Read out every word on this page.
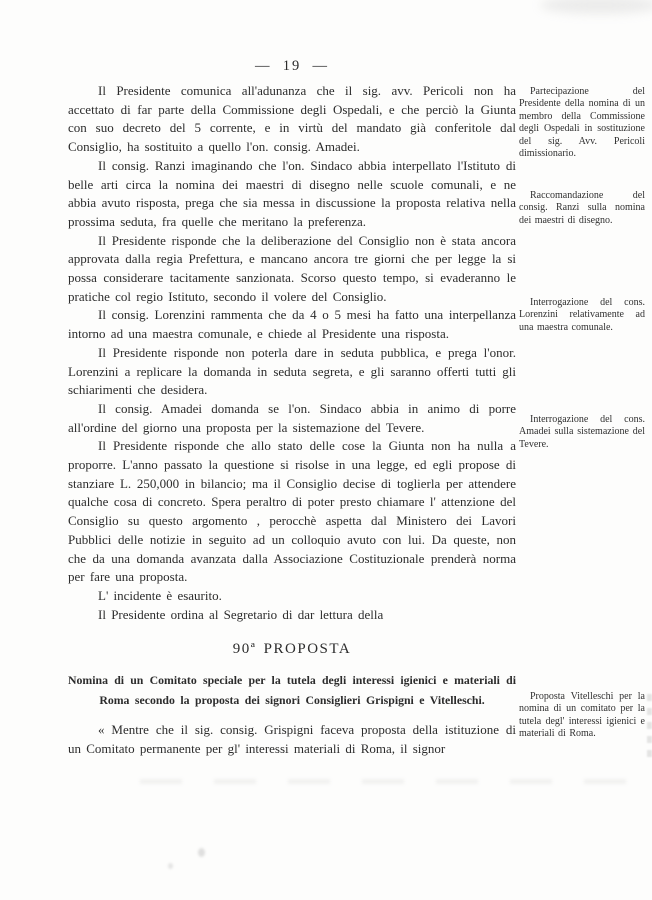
—  19  —

Il Presidente comunica all'adunanza che il sig. avv. Pericoli non ha accettato di far parte della Commissione degli Ospedali, e che perciò la Giunta con suo decreto del 5 corrente, e in virtù del mandato già conferitole dal Consiglio, ha sostituito a quello l'on. consig. Amadei.

Il consig. Ranzi imaginando che l'on. Sindaco abbia interpellato l'Istituto di belle arti circa la nomina dei maestri di disegno nelle scuole comunali, e ne abbia avuto risposta, prega che sia messa in discussione la proposta relativa nella prossima seduta, fra quelle che meritano la preferenza.

Il Presidente risponde che la deliberazione del Consiglio non è stata ancora approvata dalla regia Prefettura, e mancano ancora tre giorni che per legge la si possa considerare tacitamente sanzionata. Scorso questo tempo, si evaderanno le pratiche col regio Istituto, secondo il volere del Consiglio.

Il consig. Lorenzini rammenta che da 4 o 5 mesi ha fatto una interpellanza intorno ad una maestra comunale, e chiede al Presidente una risposta.

Il Presidente risponde non poterla dare in seduta pubblica, e prega l'onor. Lorenzini a replicare la domanda in seduta segreta, e gli saranno offerti tutti gli schiarimenti che desidera.

Il consig. Amadei domanda se l'on. Sindaco abbia in animo di porre all'ordine del giorno una proposta per la sistemazione del Tevere.

Il Presidente risponde che allo stato delle cose la Giunta non ha nulla a proporre. L'anno passato la questione si risolse in una legge, ed egli propose di stanziare L. 250,000 in bilancio; ma il Consiglio decise di toglierla per attendere qualche cosa di concreto. Spera peraltro di poter presto chiamare l' attenzione del Consiglio su questo argomento , perocchè aspetta dal Ministero dei Lavori Pubblici delle notizie in seguito ad un colloquio avuto con lui. Da queste, non che da una domanda avanzata dalla Associazione Costituzionale prenderà norma per fare una proposta.

L' incidente è esaurito.

Il Presidente ordina al Segretario di dar lettura della

90ª PROPOSTA

Nomina di un Comitato speciale per la tutela degli interessi igienici e materiali di Roma secondo la proposta dei signori Consiglieri Grispigni e Vitelleschi.

« Mentre che il sig. consig. Grispigni faceva proposta della istituzione di un Comitato permanente per gl' interessi materiali di Roma, il signor

Partecipazione del Presidente della nomina di un membro della Commissione degli Ospedali in sostituzione del sig. Avv. Pericoli dimissionario.

Raccomandazione del consig. Ranzi sulla nomina dei maestri di disegno.

Interrogazione del cons. Lorenzini relativamente ad una maestra comunale.

Interrogazione del cons. Amadei sulla sistemazione del Tevere.

Proposta Vitelleschi per la nomina di un comitato per la tutela degl' interessi igienici e materiali di Roma.
